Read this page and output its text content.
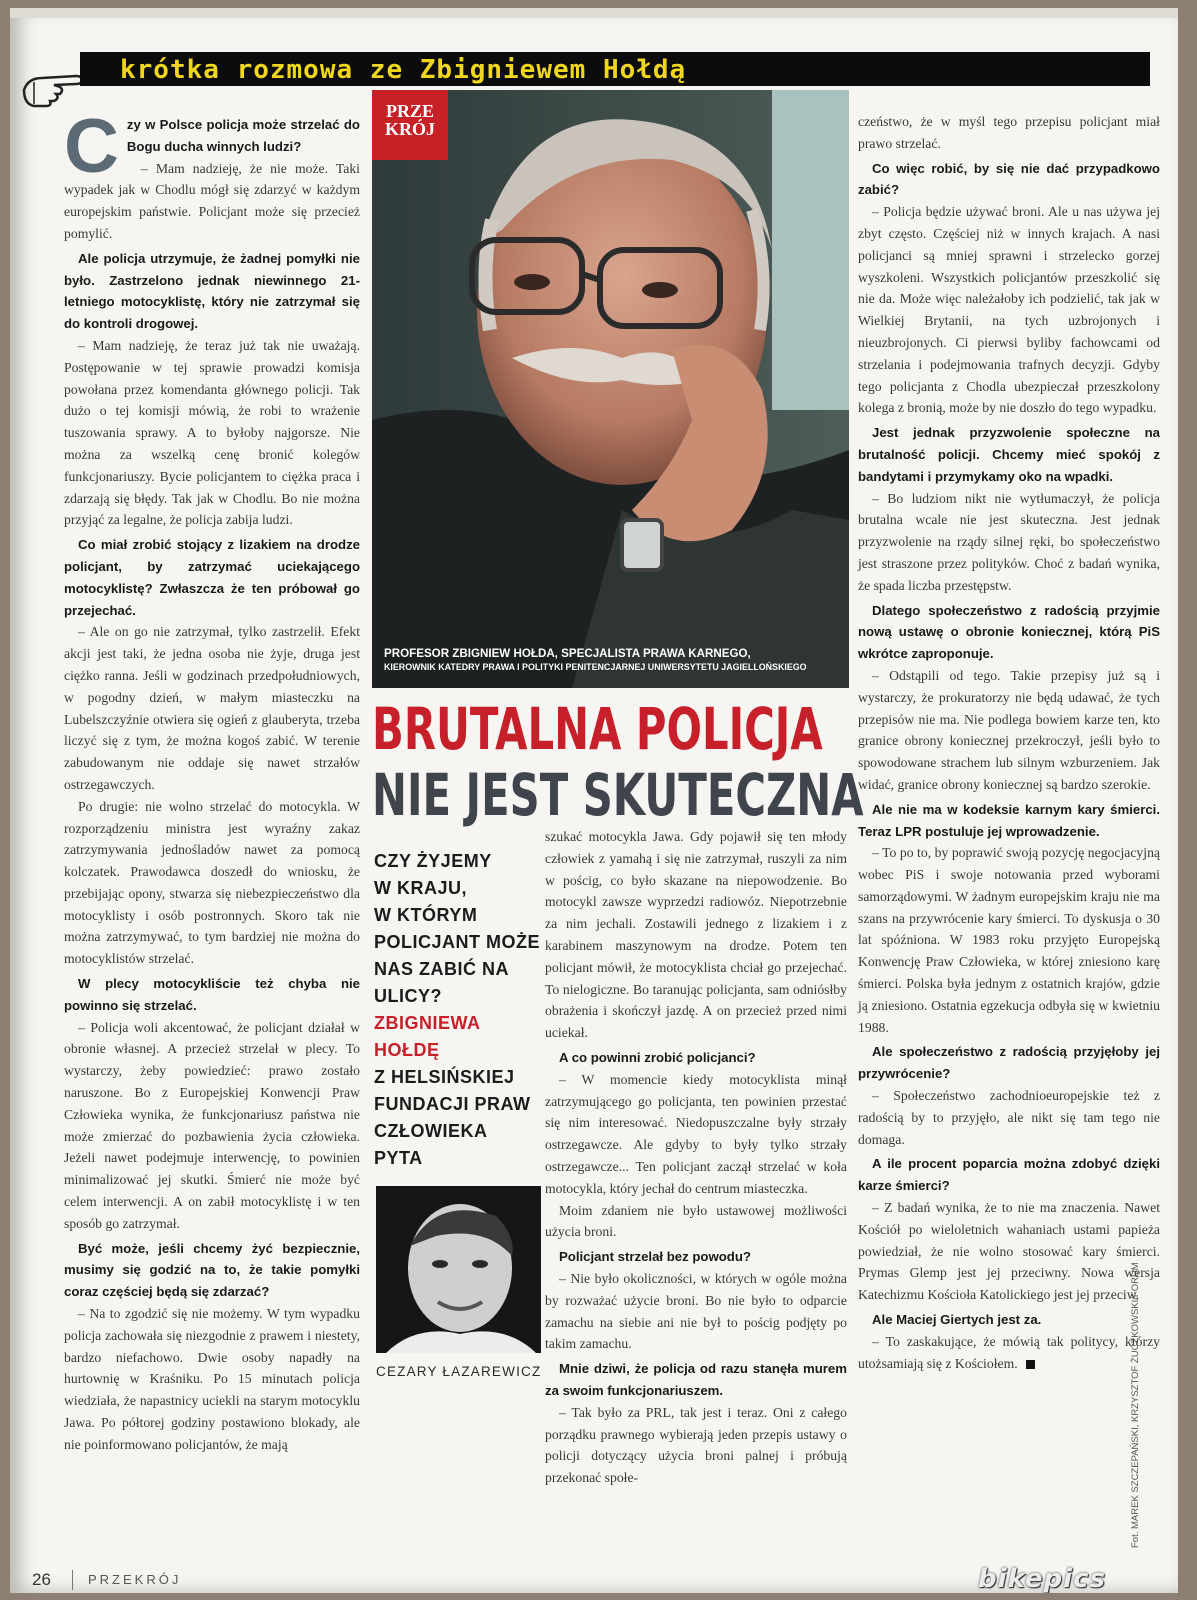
krótka rozmowa ze Zbigniewem Hołdą
C zy w Polsce policja może strzelać do Bogu ducha winnych ludzi?

– Mam nadzieję, że nie może. Taki wypadek jak w Chodlu mógł się zdarzyć w każdym europejskim państwie. Policjant może się przecież pomylić.

Ale policja utrzymuje, że żadnej pomyłki nie było. Zastrzelono jednak niewinnego 21-letniego motocyklistę, który nie zatrzymał się do kontroli drogowej.

– Mam nadzieję, że teraz już tak nie uważają. Postępowanie w tej sprawie prowadzi komisja powołana przez komendanta głównego policji. Tak dużo o tej komisji mówią, że robi to wrażenie tuszowania sprawy. A to byłoby najgorsze. Nie można za wszelką cenę bronić kolegów funkcjonariuszy. Bycie policjantem to ciężka praca i zdarzają się błędy. Tak jak w Chodlu. Bo nie można przyjąć za legalne, że policja zabija ludzi.

Co miał zrobić stojący z lizakiem na drodze policjant, by zatrzymać uciekającego motocyklistę? Zwłaszcza że ten próbował go przejechać.

– Ale on go nie zatrzymał, tylko zastrzelił. Efekt akcji jest taki, że jedna osoba nie żyje, druga jest ciężko ranna. Jeśli w godzinach przedpołudniowych, w pogodny dzień, w małym miasteczku na Lubelszczyźnie otwiera się ogień z glauberyta, trzeba liczyć się z tym, że można kogoś zabić. W terenie zabudowanym nie oddaje się nawet strzałów ostrzegawczych.

Po drugie: nie wolno strzelać do motocykla. W rozporządzeniu ministra jest wyraźny zakaz zatrzymywania jednośladów nawet za pomocą kolczatek. Prawodawca doszedł do wniosku, że przebijając opony, stwarza się niebezpieczeństwo dla motocyklisty i osób postronnych. Skoro tak nie można zatrzymywać, to tym bardziej nie można do motocyklistów strzelać.

W plecy motocykliście też chyba nie powinno się strzelać.

– Policja woli akcentować, że policjant działał w obronie własnej. A przecież strzelał w plecy. To wystarczy, żeby powiedzieć: prawo zostało naruszone. Bo z Europejskiej Konwencji Praw Człowieka wynika, że funkcjonariusz państwa nie może zmierzać do pozbawienia życia człowieka. Jeżeli nawet podejmuje interwencję, to powinien minimalizować jej skutki. Śmierć nie może być celem interwencji. A on zabił motocyklistę i w ten sposób go zatrzymał.

Być może, jeśli chcemy żyć bezpiecznie, musimy się godzić na to, że takie pomyłki coraz częściej będą się zdarzać?

– Na to zgodzić się nie możemy. W tym wypadku policja zachowała się niezgodnie z prawem i niestety, bardzo niefachowo. Dwie osoby napadły na hurtownię w Kraśniku. Po 15 minutach policja wiedziała, że napastnicy uciekli na starym motocyklu Jawa. Po półtorej godziny postawiono blokady, ale nie poinformowano policjantów, że mają

PRZE
KRÓJ
PROFESOR ZBIGNIEW HOŁDA, SPECJALISTA PRAWA KARNEGO,
KIEROWNIK KATEDRY PRAWA I POLITYKI PENITENCJARNEJ UNIWERSYTETU JAGIELLOŃSKIEGO
BRUTALNA POLICJA
NIE JEST SKUTECZNA
CZY ŻYJEMY
W KRAJU,
W KTÓRYM
POLICJANT MOŻE
NAS ZABIĆ NA
ULICY?
ZBIGNIEWA
HOŁDĘ
Z HELSIŃSKIEJ
FUNDACJI PRAW
CZŁOWIEKA
PYTA
CEZARY ŁAZAREWICZ

szukać motocykla Jawa. Gdy pojawił się ten młody człowiek z yamahą i się nie zatrzymał, ruszyli za nim w pościg, co było skazane na niepowodzenie. Bo motocykl zawsze wyprzedzi radiowóz. Niepotrzebnie za nim jechali. Zostawili jednego z lizakiem i z karabinem maszynowym na drodze. Potem ten policjant mówił, że motocyklista chciał go przejechać. To nielogiczne. Bo taranując policjanta, sam odniósłby obrażenia i skończył jazdę. A on przecież przed nimi uciekał.

A co powinni zrobić policjanci?

– W momencie kiedy motocyklista minął zatrzymującego go policjanta, ten powinien przestać się nim interesować. Niedopuszczalne były strzały ostrzegawcze. Ale gdyby to były tylko strzały ostrzegawcze... Ten policjant zaczął strzelać w koła motocykla, który jechał do centrum miasteczka.

Moim zdaniem nie było ustawowej możliwości użycia broni.

Policjant strzelał bez powodu?

– Nie było okoliczności, w których w ogóle można by rozważać użycie broni. Bo nie było to odparcie zamachu na siebie ani nie był to pościg podjęty po takim zamachu.

Mnie dziwi, że policja od razu stanęła murem za swoim funkcjonariuszem.

– Tak było za PRL, tak jest i teraz. Oni z całego porządku prawnego wybierają jeden przepis ustawy o policji dotyczący użycia broni palnej i próbują przekonać społe-

czeństwo, że w myśl tego przepisu policjant miał prawo strzelać.

Co więc robić, by się nie dać przypadkowo zabić?

– Policja będzie używać broni. Ale u nas używa jej zbyt często. Częściej niż w innych krajach. A nasi policjanci są mniej sprawni i strzelecko gorzej wyszkoleni. Wszystkich policjantów przeszkolić się nie da. Może więc należałoby ich podzielić, tak jak w Wielkiej Brytanii, na tych uzbrojonych i nieuzbrojonych. Ci pierwsi byliby fachowcami od strzelania i podejmowania trafnych decyzji. Gdyby tego policjanta z Chodla ubezpieczał przeszkolony kolega z bronią, może by nie doszło do tego wypadku.

Jest jednak przyzwolenie społeczne na brutalność policji. Chcemy mieć spokój z bandytami i przymykamy oko na wpadki.

– Bo ludziom nikt nie wytłumaczył, że policja brutalna wcale nie jest skuteczna. Jest jednak przyzwolenie na rządy silnej ręki, bo społeczeństwo jest straszone przez polityków. Choć z badań wynika, że spada liczba przestępstw.

Dlatego społeczeństwo z radością przyjmie nową ustawę o obronie koniecznej, którą PiS wkrótce zaproponuje.

– Odstąpili od tego. Takie przepisy już są i wystarczy, że prokuratorzy nie będą udawać, że tych przepisów nie ma. Nie podlega bowiem karze ten, kto granice obrony koniecznej przekroczył, jeśli było to spowodowane strachem lub silnym wzburzeniem. Jak widać, granice obrony koniecznej są bardzo szerokie.

Ale nie ma w kodeksie karnym kary śmierci. Teraz LPR postuluje jej wprowadzenie.

– To po to, by poprawić swoją pozycję negocjacyjną wobec PiS i swoje notowania przed wyborami samorządowymi. W żadnym europejskim kraju nie ma szans na przywrócenie kary śmierci. To dyskusja o 30 lat spóźniona. W 1983 roku przyjęto Europejską Konwencję Praw Człowieka, w której zniesiono karę śmierci. Polska była jednym z ostatnich krajów, gdzie ją zniesiono. Ostatnia egzekucja odbyła się w kwietniu 1988.

Ale społeczeństwo z radością przyjęłoby jej przywrócenie?

– Społeczeństwo zachodnioeuropejskie też z radością by to przyjęło, ale nikt się tam tego nie domaga.

A ile procent poparcia można zdobyć dzięki karze śmierci?

– Z badań wynika, że to nie ma znaczenia. Nawet Kościół po wieloletnich wahaniach ustami papieża powiedział, że nie wolno stosować kary śmierci. Prymas Glemp jest jej przeciwny. Nowa wersja Katechizmu Kościoła Katolickiego jest jej przeciw.

Ale Maciej Giertych jest za.

– To zaskakujące, że mówią tak politycy, którzy utożsamiają się z Kościołem.	Fot. MAREK SZCZEPAŃSKI, KRZYSZTOF ŻUCZKOWSKI/FORUM
26	PRZEKRÓJ	bikepics
